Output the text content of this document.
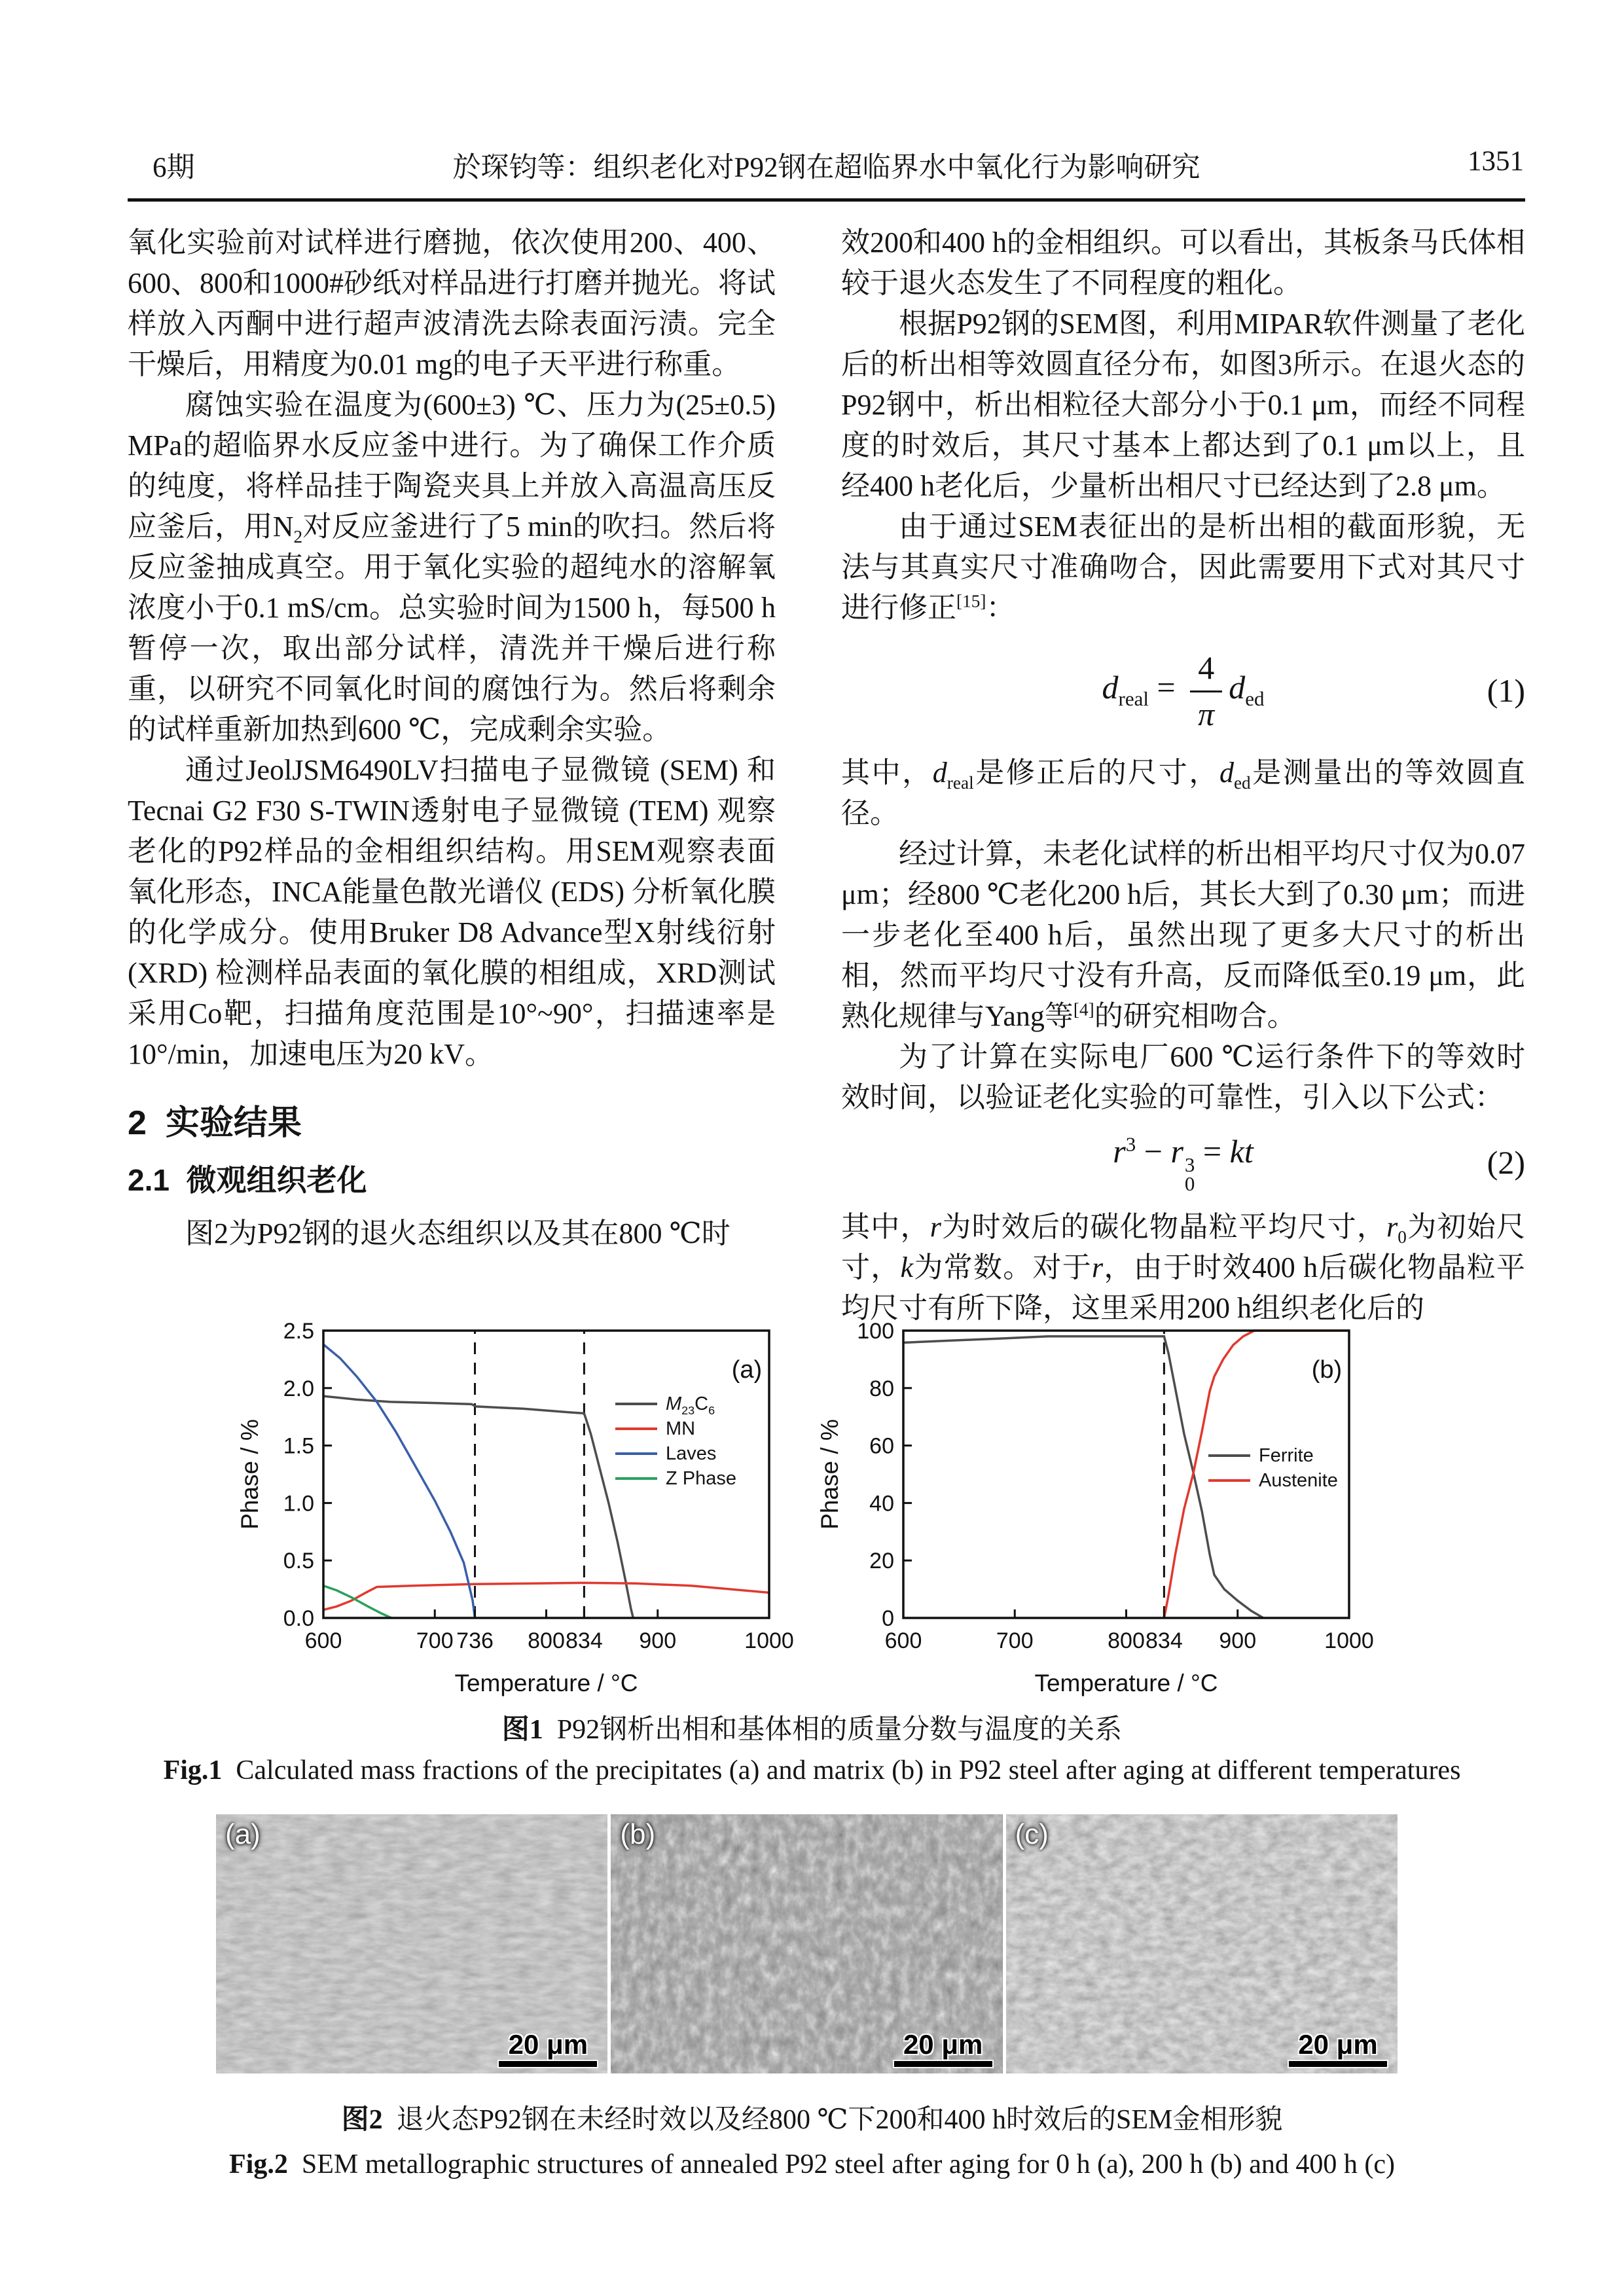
6期	於琛钧等：组织老化对P92钢在超临界水中氧化行为影响研究	1351

氧化实验前对试样进行磨抛，依次使用200、400、600、800和1000#砂纸对样品进行打磨并抛光。将试样放入丙酮中进行超声波清洗去除表面污渍。完全干燥后，用精度为0.01 mg的电子天平进行称重。

腐蚀实验在温度为(600±3) ℃、压力为(25±0.5) MPa的超临界水反应釜中进行。为了确保工作介质的纯度，将样品挂于陶瓷夹具上并放入高温高压反应釜后，用$N_2$对反应釜进行了5 min的吹扫。然后将反应釜抽成真空。用于氧化实验的超纯水的溶解氧浓度小于0.1 mS/cm。总实验时间为1500 h，每500 h暂停一次，取出部分试样，清洗并干燥后进行称重，以研究不同氧化时间的腐蚀行为。然后将剩余的试样重新加热到600 ℃，完成剩余实验。

通过JeolJSM6490LV扫描电子显微镜 (SEM) 和Tecnai G2 F30 S-TWIN透射电子显微镜 (TEM) 观察老化的P92样品的金相组织结构。用SEM观察表面氧化形态，INCA能量色散光谱仪 (EDS) 分析氧化膜的化学成分。使用Bruker D8 Advance型X射线衍射 (XRD) 检测样品表面的氧化膜的相组成，XRD测试采用Co靶，扫描角度范围是10°~90°，扫描速率是10°/min，加速电压为20 kV。

2  实验结果
2.1  微观组织老化

图2为P92钢的退火态组织以及其在800 ℃时

效200和400 h的金相组织。可以看出，其板条马氏体相较于退火态发生了不同程度的粗化。

根据P92钢的SEM图，利用MIPAR软件测量了老化后的析出相等效圆直径分布，如图3所示。在退火态的P92钢中，析出相粒径大部分小于0.1 μm，而经不同程度的时效后，其尺寸基本上都达到了0.1 μm以上，且经400 h老化后，少量析出相尺寸已经达到了2.8 μm。

由于通过SEM表征出的是析出相的截面形貌，无法与其真实尺寸准确吻合，因此需要用下式对其尺寸进行修正[15]：

$d_{real} = \frac{4}{\pi} d_{ed}$	(1)

其中，$d_{real}$是修正后的尺寸，$d_{ed}$是测量出的等效圆直径。

经过计算，未老化试样的析出相平均尺寸仅为0.07 μm；经800 ℃老化200 h后，其长大到了0.30 μm；而进一步老化至400 h后，虽然出现了更多大尺寸的析出相，然而平均尺寸没有升高，反而降低至0.19 μm，此熟化规律与Yang等[4]的研究相吻合。

为了计算在实际电厂600 ℃运行条件下的等效时效时间，以验证老化实验的可靠性，引入以下公式：

$r^3 - r$ 3
0
= kt	(2)

其中，r为时效后的碳化物晶粒平均尺寸，$r_0$为初始尺寸，k为常数。对于r，由于时效400 h后碳化物晶粒平均尺寸有所下降，这里采用200 h组织老化后的

600	700 736 800 834 900	1000
0.0
0.5
1.0
1.5
2.0
2.5
(a)
Temperature / °C
Phase / %
$M_{23}C_6$
MN
Laves
Z Phase
600	700	800 834 900	1000
0
20
40
60
80
100
(b)
Temperature / °C
Phase / %	Ferrite
Austenite
图1  P92钢析出相和基体相的质量分数与温度的关系
Fig.1  Calculated mass fractions of the precipitates (a) and matrix (b) in P92 steel after aging at different temperatures
(a)
20 μm
(b)
20 μm
(c)
20 μm
图2  退火态P92钢在未经时效以及经800 ℃下200和400 h时效后的SEM金相形貌
Fig.2  SEM metallographic structures of annealed P92 steel after aging for 0 h (a), 200 h (b) and 400 h (c)
